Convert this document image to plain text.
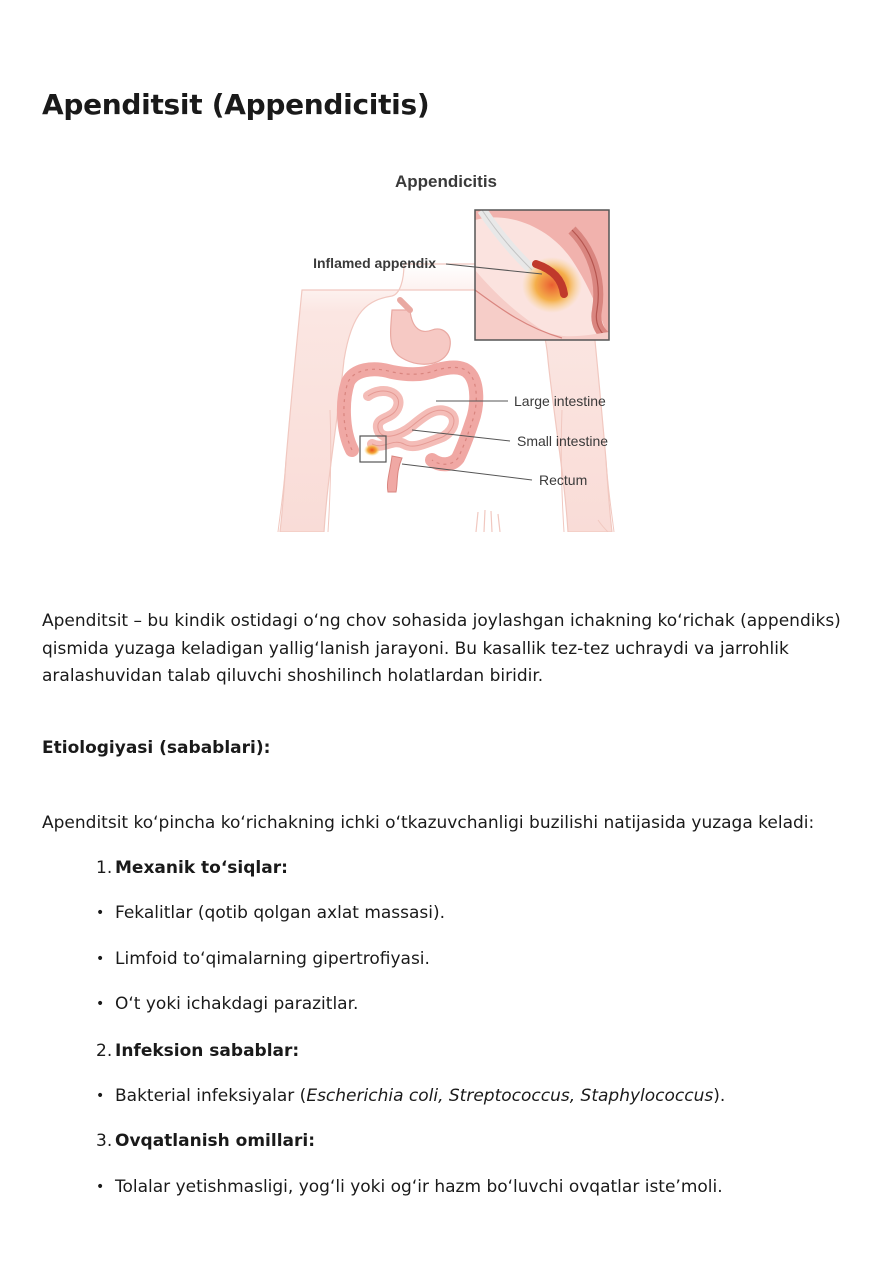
Apenditsit (Appendicitis)
Appendicitis
Inflamed appendix
Large intestine
Small intestine
Rectum

Apenditsit – bu kindik ostidagi o‘ng chov sohasida joylashgan ichakning ko‘richak (appendiks) qismida yuzaga keladigan yallig‘lanish jarayoni. Bu kasallik tez-tez uchraydi va jarrohlik aralashuvidan talab qiluvchi shoshilinch holatlardan biridir.

Etiologiyasi (sabablari):

Apenditsit ko‘pincha ko‘richakning ichki o‘tkazuvchanligi buzilishi natijasida yuzaga keladi:

1. Mexanik to‘siqlar:
• Fekalitlar (qotib qolgan axlat massasi).
• Limfoid to‘qimalarning gipertrofiyasi.
• O‘t yoki ichakdagi parazitlar.
2. Infeksion sabablar:
• Bakterial infeksiyalar (Escherichia coli, Streptococcus, Staphylococcus).
3. Ovqatlanish omillari:
• Tolalar yetishmasligi, yog‘li yoki og‘ir hazm bo‘luvchi ovqatlar iste’moli.
